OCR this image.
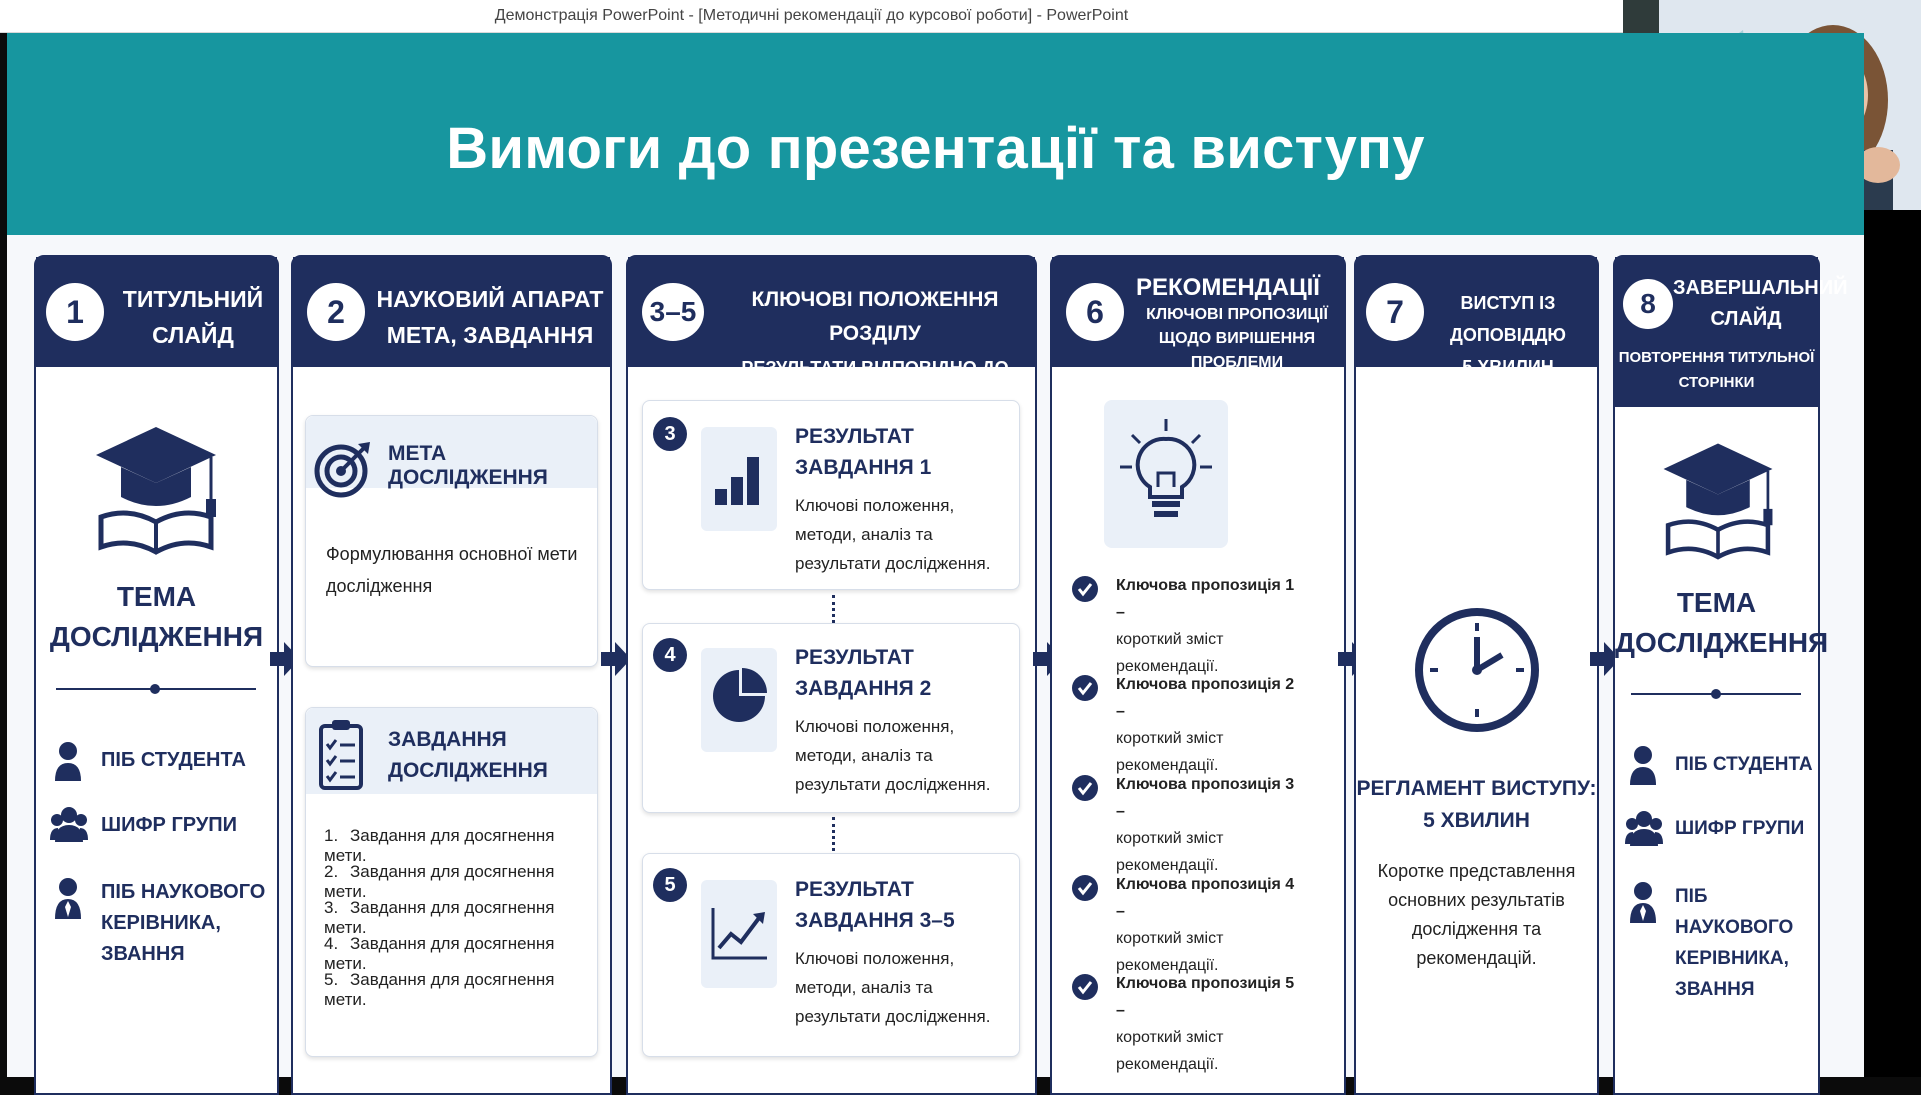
Демонстрація PowerPoint - [Методичні рекомендації до курсової роботи] - PowerPoint
Вимоги до презентації та виступу
1	ТИТУЛЬНИЙ
СЛАЙД
ТЕМА
ДОСЛІДЖЕННЯ
ПІБ СТУДЕНТА
ШИФР ГРУПИ
ПІБ НАУКОВОГО
КЕРІВНИКА,
ЗВАННЯ
2	НАУКОВИЙ АПАРАТ
МЕТА, ЗАВДАННЯ
МЕТА ДОСЛІДЖЕННЯ
Формулювання основної мети
дослідження
ЗАВДАННЯ
ДОСЛІДЖЕННЯ
1. Завдання для досягнення мети.
2. Завдання для досягнення мети.
3. Завдання для досягнення мети.
4. Завдання для досягнення мети.
5. Завдання для досягнення мети.
3–5	КЛЮЧОВІ ПОЛОЖЕННЯ РОЗДІЛУ
РЕЗУЛЬТАТИ ВІДПОВІДНО ДО
3	РЕЗУЛЬТАТ
ЗАВДАННЯ 1
Ключові положення,
методи, аналіз та
результати дослідження.
4	РЕЗУЛЬТАТ
ЗАВДАННЯ 2
Ключові положення,
методи, аналіз та
результати дослідження.
5	РЕЗУЛЬТАТ
ЗАВДАННЯ 3–5
Ключові положення,
методи, аналіз та
результати дослідження.
6
РЕКОМЕНДАЦІЇ
КЛЮЧОВІ ПРОПОЗИЦІЇ
ЩОДО ВИРІШЕННЯ ПРОБЛЕМИ
Ключова пропозиція 1 –
короткий зміст
рекомендації.
Ключова пропозиція 2 –
короткий зміст
рекомендації.
Ключова пропозиція 3 –
короткий зміст
рекомендації.
Ключова пропозиція 4 –
короткий зміст
рекомендації.
Ключова пропозиція 5 –
короткий зміст
рекомендації.
7	ВИСТУП ІЗ ДОПОВІДДЮ
5 ХВИЛИН
РЕГЛАМЕНТ ВИСТУПУ:
5 ХВИЛИН
Коротке представлення
основних результатів
дослідження та
рекомендацій.
8 ЗАВЕРШАЛЬНИЙ
СЛАЙД
ПОВТОРЕННЯ ТИТУЛЬНОЇ
СТОРІНКИ
ТЕМА
ДОСЛІДЖЕННЯ
ПІБ СТУДЕНТА
ШИФР ГРУПИ
ПІБ НАУКОВОГО
КЕРІВНИКА,
ЗВАННЯ
